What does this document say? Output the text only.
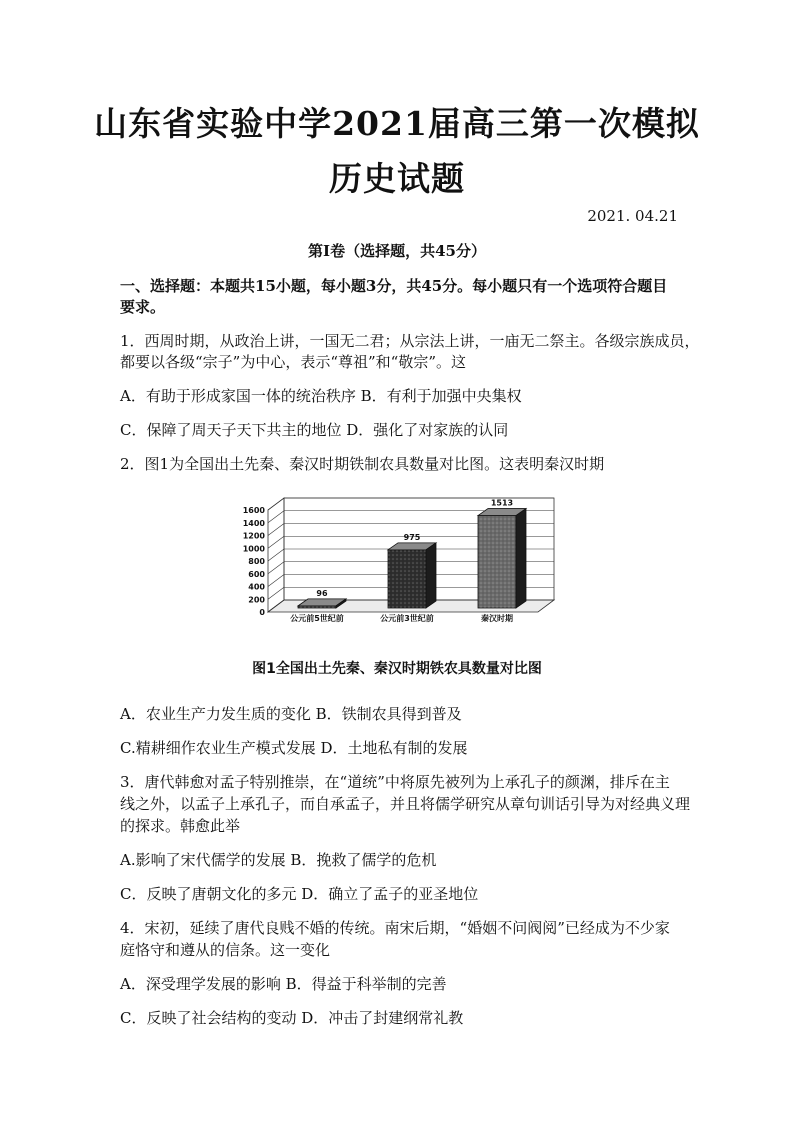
山东省实验中学2021届高三第一次模拟
历史试题
2021. 04.21
第Ⅰ卷（选择题，共45分）
一、选择题：本题共15小题，每小题3分，共45分。每小题只有一个选项符合题目
要求。
1．西周时期，从政治上讲，一国无二君；从宗法上讲，一庙无二祭主。各级宗族成员，
都要以各级“宗子”为中心，表示“尊祖”和“敬宗”。这
A．有助于形成家国一体的统治秩序 B．有利于加强中央集权
C．保障了周天子天下共主的地位 D．强化了对家族的认同
2．图1为全国出土先秦、秦汉时期铁制农具数量对比图。这表明秦汉时期
0
200
400
600
800
1000
1200
1400
1600
96
公元前5世纪前
975
公元前3世纪前
1513
秦汉时期
图1全国出土先秦、秦汉时期铁农具数量对比图
A．农业生产力发生质的变化 B．铁制农具得到普及
C.精耕细作农业生产模式发展 D．土地私有制的发展
3．唐代韩愈对孟子特别推崇，在“道统”中将原先被列为上承孔子的颜渊，排斥在主
线之外，以孟子上承孔子，而自承孟子，并且将儒学研究从章句训话引导为对经典义理
的探求。韩愈此举
A.影响了宋代儒学的发展 B．挽救了儒学的危机
C．反映了唐朝文化的多元 D．确立了孟子的亚圣地位
4．宋初，延续了唐代良贱不婚的传统。南宋后期，“婚姻不问阀阅”已经成为不少家
庭恪守和遵从的信条。这一变化
A．深受理学发展的影响 B．得益于科举制的完善
C．反映了社会结构的变动 D．冲击了封建纲常礼教
